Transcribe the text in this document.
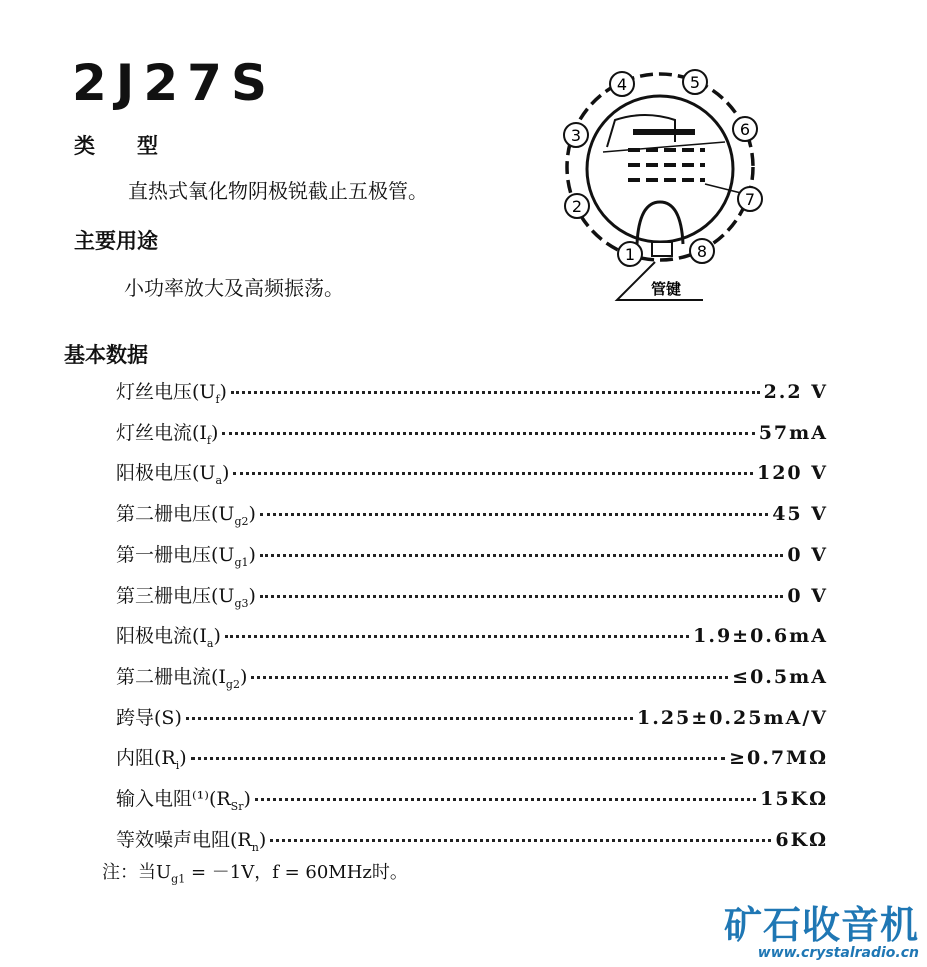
2J27S
类　　型
直热式氧化物阴极锐截止五极管。
主要用途
小功率放大及高频振荡。
基本数据
1
2
3
4	5
6
7
8
管键
灯丝电压$(U_f)$	2.2 V
灯丝电流$(I_f)$	57mA
阳极电压$(U_a)$	120 V
第二栅电压$(U_{g2})$	45 V
第一栅电压$(U_{g1})$	0 V
第三栅电压$(U_{g3})$	0 V
阳极电流$(I_a)$	1.9±0.6mA
第二栅电流$(I_{g2})$	≤0.5mA
跨导(S)	1.25±0.25mA/V
内阻$(R_i)$	≥0.7MΩ
输入电阻$^{(1)}(R_{Sr})$	15KΩ
等效噪声电阻$(R_n)$	6KΩ
注：当$U_{g1} = -1V$，f = 60MHz时。
矿石收音机
www.crystalradio.cn
